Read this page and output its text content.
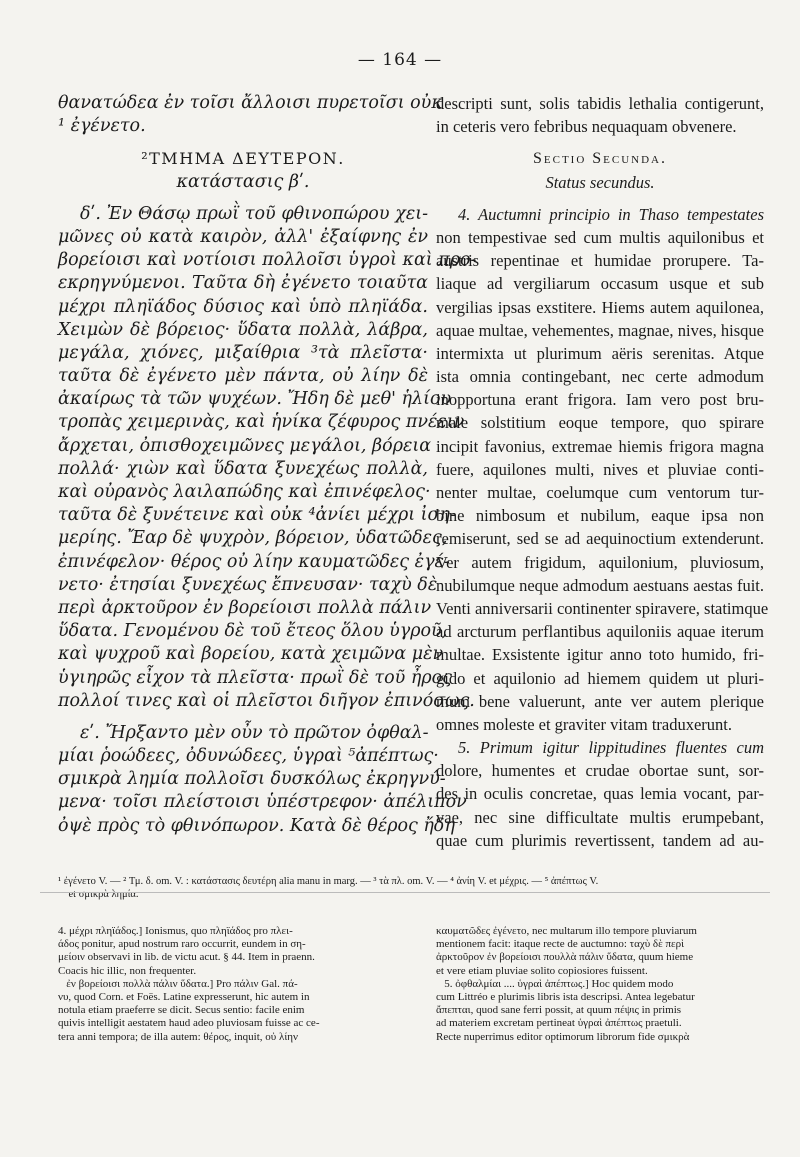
— 164 —
θανατώδεα ἐν τοῖσι ἄλλοισι πυρετοῖσι οὐκ
¹ ἐγένετο.
²ΤΜΗΜΑ ΔΕΥΤΕΡΟΝ.
κατάστασις βʹ.
δʹ. Ἐν Θάσῳ πρωῒ τοῦ φθινοπώρου χει-
μῶνες οὐ κατὰ καιρὸν, ἀλλ' ἐξαίφνης ἐν
βορείοισι καὶ νοτίοισι πολλοῖσι ὑγροὶ καὶ προ-
εκρηγνύμενοι. Ταῦτα δὴ ἐγένετο τοιαῦτα
μέχρι πληϊάδος δύσιος καὶ ὑπὸ πληϊάδα.
Χειμὼν δὲ βόρειος· ὕδατα πολλὰ, λάβρα,
μεγάλα, χιόνες, μιξαίθρια ³τὰ πλεῖστα·
ταῦτα δὲ ἐγένετο μὲν πάντα, οὐ λίην δὲ
ἀκαίρως τὰ τῶν ψυχέων. Ἤδη δὲ μεθ' ἡλίου
τροπὰς χειμερινὰς, καὶ ἡνίκα ζέφυρος πνέειν
ἄρχεται, ὀπισθοχειμῶνες μεγάλοι, βόρεια
πολλά· χιὼν καὶ ὕδατα ξυνεχέως πολλὰ,
καὶ οὐρανὸς λαιλαπώδης καὶ ἐπινέφελος·
ταῦτα δὲ ξυνέτεινε καὶ οὐκ ⁴ἀνίει μέχρι ἰση-
μερίης. Ἔαρ δὲ ψυχρὸν, βόρειον, ὑδατῶδες,
ἐπινέφελον· θέρος οὐ λίην καυματῶδες ἐγέ-
νετο· ἐτησίαι ξυνεχέως ἔπνευσαν· ταχὺ δὲ
περὶ ἀρκτοῦρον ἐν βορείοισι πολλὰ πάλιν
ὕδατα. Γενομένου δὲ τοῦ ἔτεος ὅλου ὑγροῦ,
καὶ ψυχροῦ καὶ βορείου, κατὰ χειμῶνα μὲν
ὑγιηρῶς εἶχον τὰ πλεῖστα· πρωῒ δὲ τοῦ ἦρος
πολλοί τινες καὶ οἱ πλεῖστοι διῆγον ἐπινόσως.
εʹ. Ἤρξαντο μὲν οὖν τὸ πρῶτον ὀφθαλ-
μίαι ῥοώδεες, ὀδυνώδεες, ὑγραὶ ⁵ἀπέπτως·
σμικρὰ λημία πολλοῖσι δυσκόλως ἐκρηγνύ-
μενα· τοῖσι πλείστοισι ὑπέστρεφον· ἀπέλιπον
ὀψὲ πρὸς τὸ φθινόπωρον. Κατὰ δὲ θέρος ἤδη
descripti sunt, solis tabidis lethalia contigerunt,
in ceteris vero febribus nequaquam obvenere.
Sectio Secunda.
Status secundus.
4. Auctumni principio in Thaso tempestates
non tempestivae sed cum multis aquilonibus et
austris repentinae et humidae prorupere. Ta-
liaque ad vergiliarum occasum usque et sub
vergilias ipsas exstitere. Hiems autem aquilonea,
aquae multae, vehementes, magnae, nives, hisque
intermixta ut plurimum aëris serenitas. Atque
ista omnia contingebant, nec certe admodum
inopportuna erant frigora. Iam vero post bru-
male solstitium eoque tempore, quo spirare
incipit favonius, extremae hiemis frigora magna
fuere, aquilones multi, nives et pluviae conti-
nenter multae, coelumque cum ventorum tur-
bine nimbosum et nubilum, eaque ipsa non
remiserunt, sed se ad aequinoctium extenderunt.
Ver autem frigidum, aquilonium, pluviosum,
nubilumque neque admodum aestuans aestas fuit.
Venti anniversarii continenter spiravere, statimque
ad arcturum perflantibus aquiloniis aquae iterum
multae. Exsistente igitur anno toto humido, fri-
gido et aquilonio ad hiemem quidem ut pluri-
mum bene valuerunt, ante ver autem plerique
omnes moleste et graviter vitam traduxerunt.
5. Primum igitur lippitudines fluentes cum
dolore, humentes et crudae obortae sunt, sor-
des in oculis concretae, quas lemia vocant, par-
vae, nec sine difficultate multis erumpebant,
quae cum plurimis revertissent, tandem ad au-
¹ ἐγένετο V. — ² Τμ. δ. om. V. : κατάστασις δευτέρη alia manu in marg. — ³ τὰ πλ. om. V. — ⁴ ἀνίη V. et μέχρις. — ⁵ ἀπέπτως V.
et σμικρὰ λημία.
4. μέχρι πληϊάδος.] Ionismus, quo πληϊάδος pro πλει-
άδος ponitur, apud nostrum raro occurrit, eundem in ση-
μείοιν observavi in lib. de victu acut. § 44. Item in praenn.
Coacis hic illic, non frequenter.
ἐν βορείοισι πολλὰ πάλιν ὕδατα.] Pro πάλιν Gal. πά-
νυ, quod Corn. et Foës. Latine expresserunt, hic autem in
notula etiam praeferre se dicit. Secus sentio: facile enim
quivis intelligit aestatem haud adeo pluviosam fuisse ac ce-
tera anni tempora; de illa autem: θέρος, inquit, οὐ λίην
καυματῶδες ἐγένετο, nec multarum illo tempore pluviarum
mentionem facit: itaque recte de auctumno: ταχὺ δὲ περὶ
ἀρκτοῦρον ἐν βορείοισι πουλλὰ πάλιν ὕδατα, quum hieme
et vere etiam pluviae solito copiosiores fuissent.
5. ὀφθαλμίαι .... ὑγραὶ ἀπέπτως.] Hoc quidem modo
cum Littréo e plurimis libris ista descripsi. Antea legebatur
ἄπεπται, quod sane ferri possit, at quum πέψις in primis
ad materiem excretam pertineat ὑγραὶ ἀπέπτως praetuli.
Recte nuperrimus editor optimorum librorum fide σμικρὰ
